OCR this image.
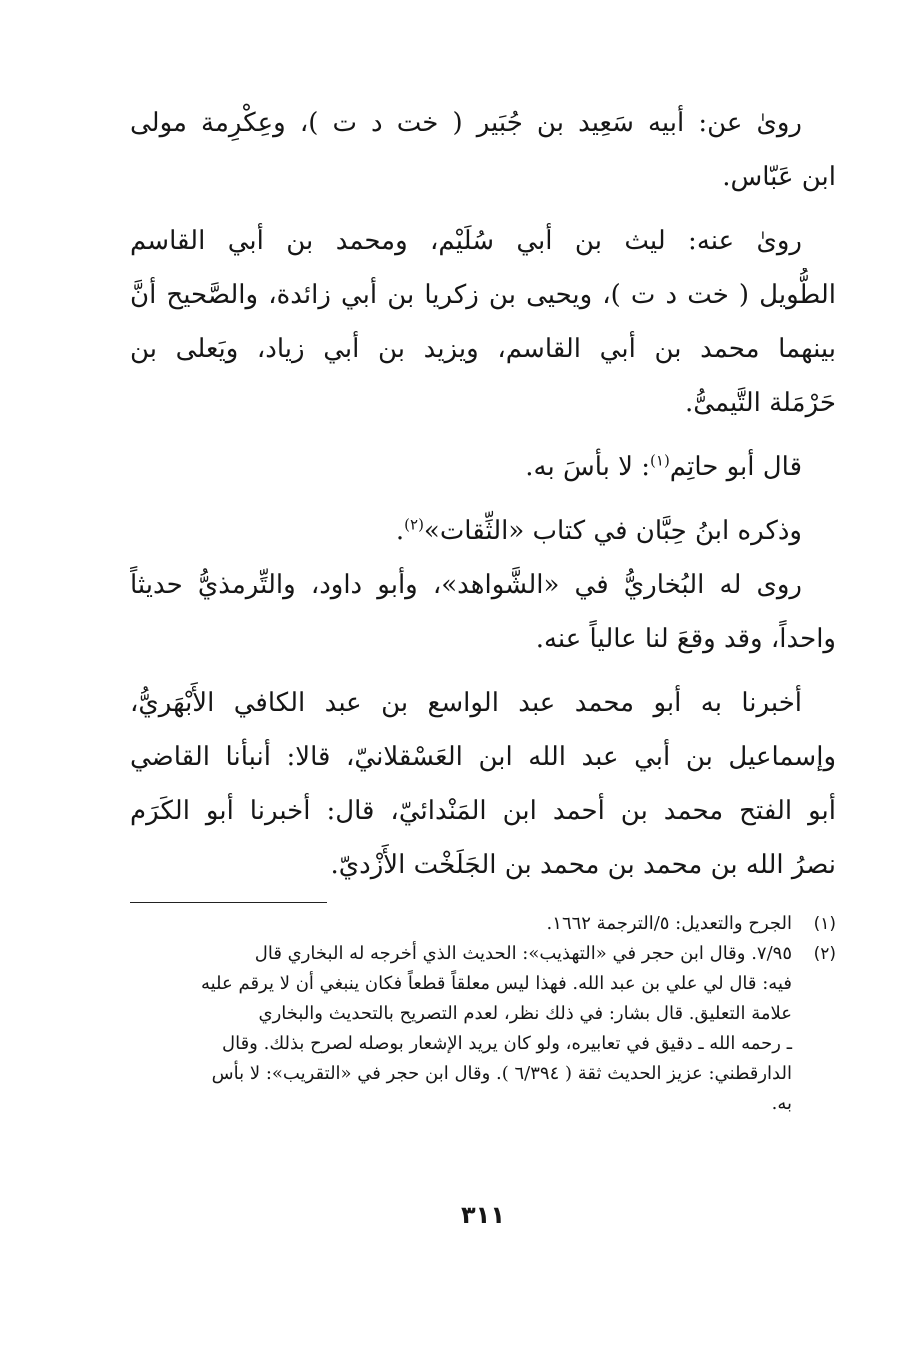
رویٰ عن: أبیه سَعِید بن جُبَیر ( خت د ت )، وعِکْرِمة مولی
ابن عَبّاس.
رویٰ عنه: لیث بن أبي سُلَیْم، ومحمد بن أبي القاسم
الطُّویل ( خت د ت )، ویحیی بن زکریا بن أبي زائدة، والصَّحیح أنَّ
بینهما محمد بن أبي القاسم، ویزید بن أبي زیاد، ویَعلی بن
حَرْمَلة التَّیمیُّ.
قال أبو حاتِم$^{(١)}$: لا بأسَ به.
وذکره ابنُ حِبَّان في کتاب «الثِّقات»$^{(٢)}$.
روی له البُخاريُّ في «الشَّواهد»، وأبو داود، والتِّرمذيُّ حدیثاً
واحداً، وقد وقعَ لنا عالیاً عنه.
أخبرنا به أبو محمد عبد الواسع بن عبد الکافي الأَبْهَريُّ،
وإسماعیل بن أبي عبد الله ابن العَسْقلانيّ، قالا: أنبأنا القاضي
أبو الفتح محمد بن أحمد ابن المَنْدائيّ، قال: أخبرنا أبو الکَرَم
نصرُ الله بن محمد بن محمد بن الجَلَخْت الأَزْديّ.
(١)الجرح والتعدیل: ٥/الترجمة ١٦٦٢.
(٢)٧/٩٥. وقال ابن حجر في «التهذیب»: الحدیث الذي أخرجه له البخاري قال
فیه: قال لي علي بن عبد الله. فهذا لیس معلقاً قطعاً فکان ینبغي أن لا یرقم علیه
علامة التعلیق. قال بشار: في ذلك نظر، لعدم التصریح بالتحدیث والبخاري
ـ رحمه الله ـ دقیق في تعابیره، ولو کان یرید الإشعار بوصله لصرح بذلك. وقال
الدارقطني: عزیز الحدیث ثقة ( ٦/٣٩٤ ). وقال ابن حجر في «التقریب»: لا بأس
به.
٣١١
